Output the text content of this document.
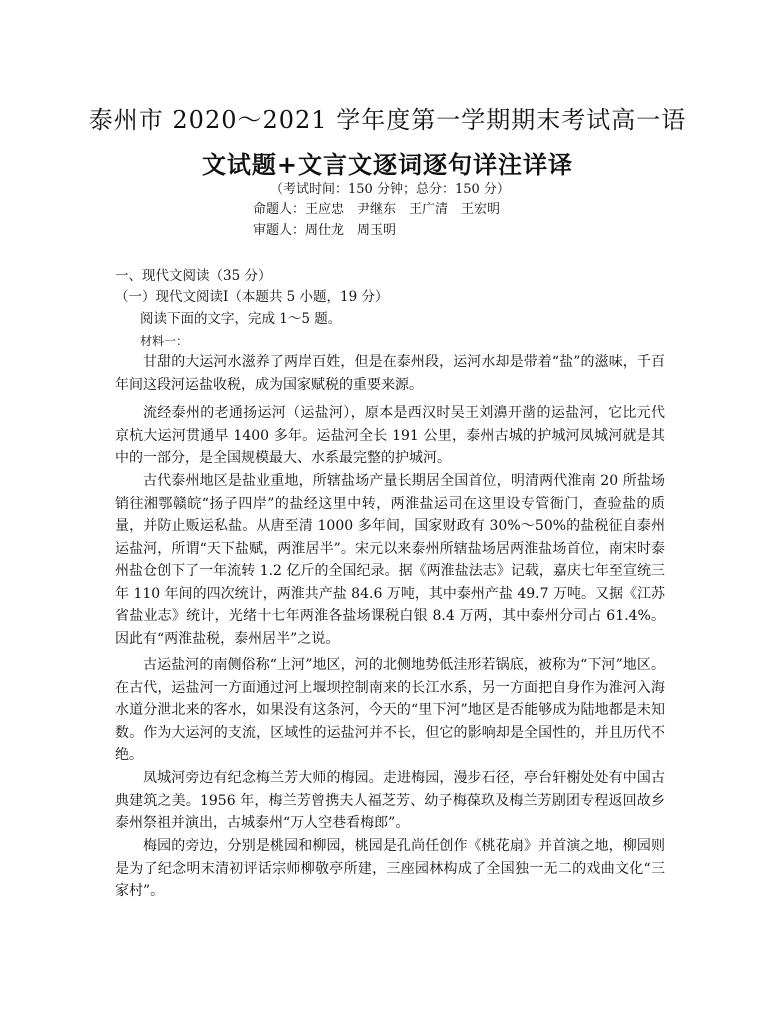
泰州市 2020～2021 学年度第一学期期末考试高一语
文试题+文言文逐词逐句详注详译
（考试时间：150 分钟；总分：150 分）
命题人：王应忠　尹继东　王广清　王宏明
审题人：周仕龙　周玉明
一、现代文阅读（35 分）
（一）现代文阅读Ⅰ（本题共 5 小题，19 分）
阅读下面的文字，完成 1～5 题。
材料一：

甘甜的大运河水滋养了两岸百姓，但是在泰州段，运河水却是带着“盐”的滋味，千百年间这段河运盐收税，成为国家赋税的重要来源。

流经泰州的老通扬运河（运盐河），原本是西汉时吴王刘濞开凿的运盐河，它比元代京杭大运河贯通早 1400 多年。运盐河全长 191 公里，泰州古城的护城河凤城河就是其中的一部分，是全国规模最大、水系最完整的护城河。

古代泰州地区是盐业重地，所辖盐场产量长期居全国首位，明清两代淮南 20 所盐场销往湘鄂赣皖“扬子四岸”的盐经这里中转，两淮盐运司在这里设专管衙门，查验盐的质量，并防止贩运私盐。从唐至清 1000 多年间，国家财政有 30%～50%的盐税征自泰州运盐河，所谓“天下盐赋，两淮居半”。宋元以来泰州所辖盐场居两淮盐场首位，南宋时泰州盐仓创下了一年流转 1.2 亿斤的全国纪录。据《两淮盐法志》记载，嘉庆七年至宣统三年 110 年间的四次统计，两淮共产盐 84.6 万吨，其中泰州产盐 49.7 万吨。又据《江苏省盐业志》统计，光绪十七年两淮各盐场课税白银 8.4 万两，其中泰州分司占 61.4%。因此有“两淮盐税，泰州居半”之说。

古运盐河的南侧俗称“上河”地区，河的北侧地势低洼形若锅底，被称为“下河”地区。在古代，运盐河一方面通过河上堰坝控制南来的长江水系，另一方面把自身作为淮河入海水道分泄北来的客水，如果没有这条河，今天的“里下河”地区是否能够成为陆地都是未知数。作为大运河的支流，区域性的运盐河并不长，但它的影响却是全国性的，并且历代不绝。

凤城河旁边有纪念梅兰芳大师的梅园。走进梅园，漫步石径，亭台轩榭处处有中国古典建筑之美。1956 年，梅兰芳曾携夫人福芝芳、幼子梅葆玖及梅兰芳剧团专程返回故乡泰州祭祖并演出，古城泰州“万人空巷看梅郎”。

梅园的旁边，分别是桃园和柳园，桃园是孔尚任创作《桃花扇》并首演之地，柳园则是为了纪念明末清初评话宗师柳敬亭所建，三座园林构成了全国独一无二的戏曲文化“三家村”。
